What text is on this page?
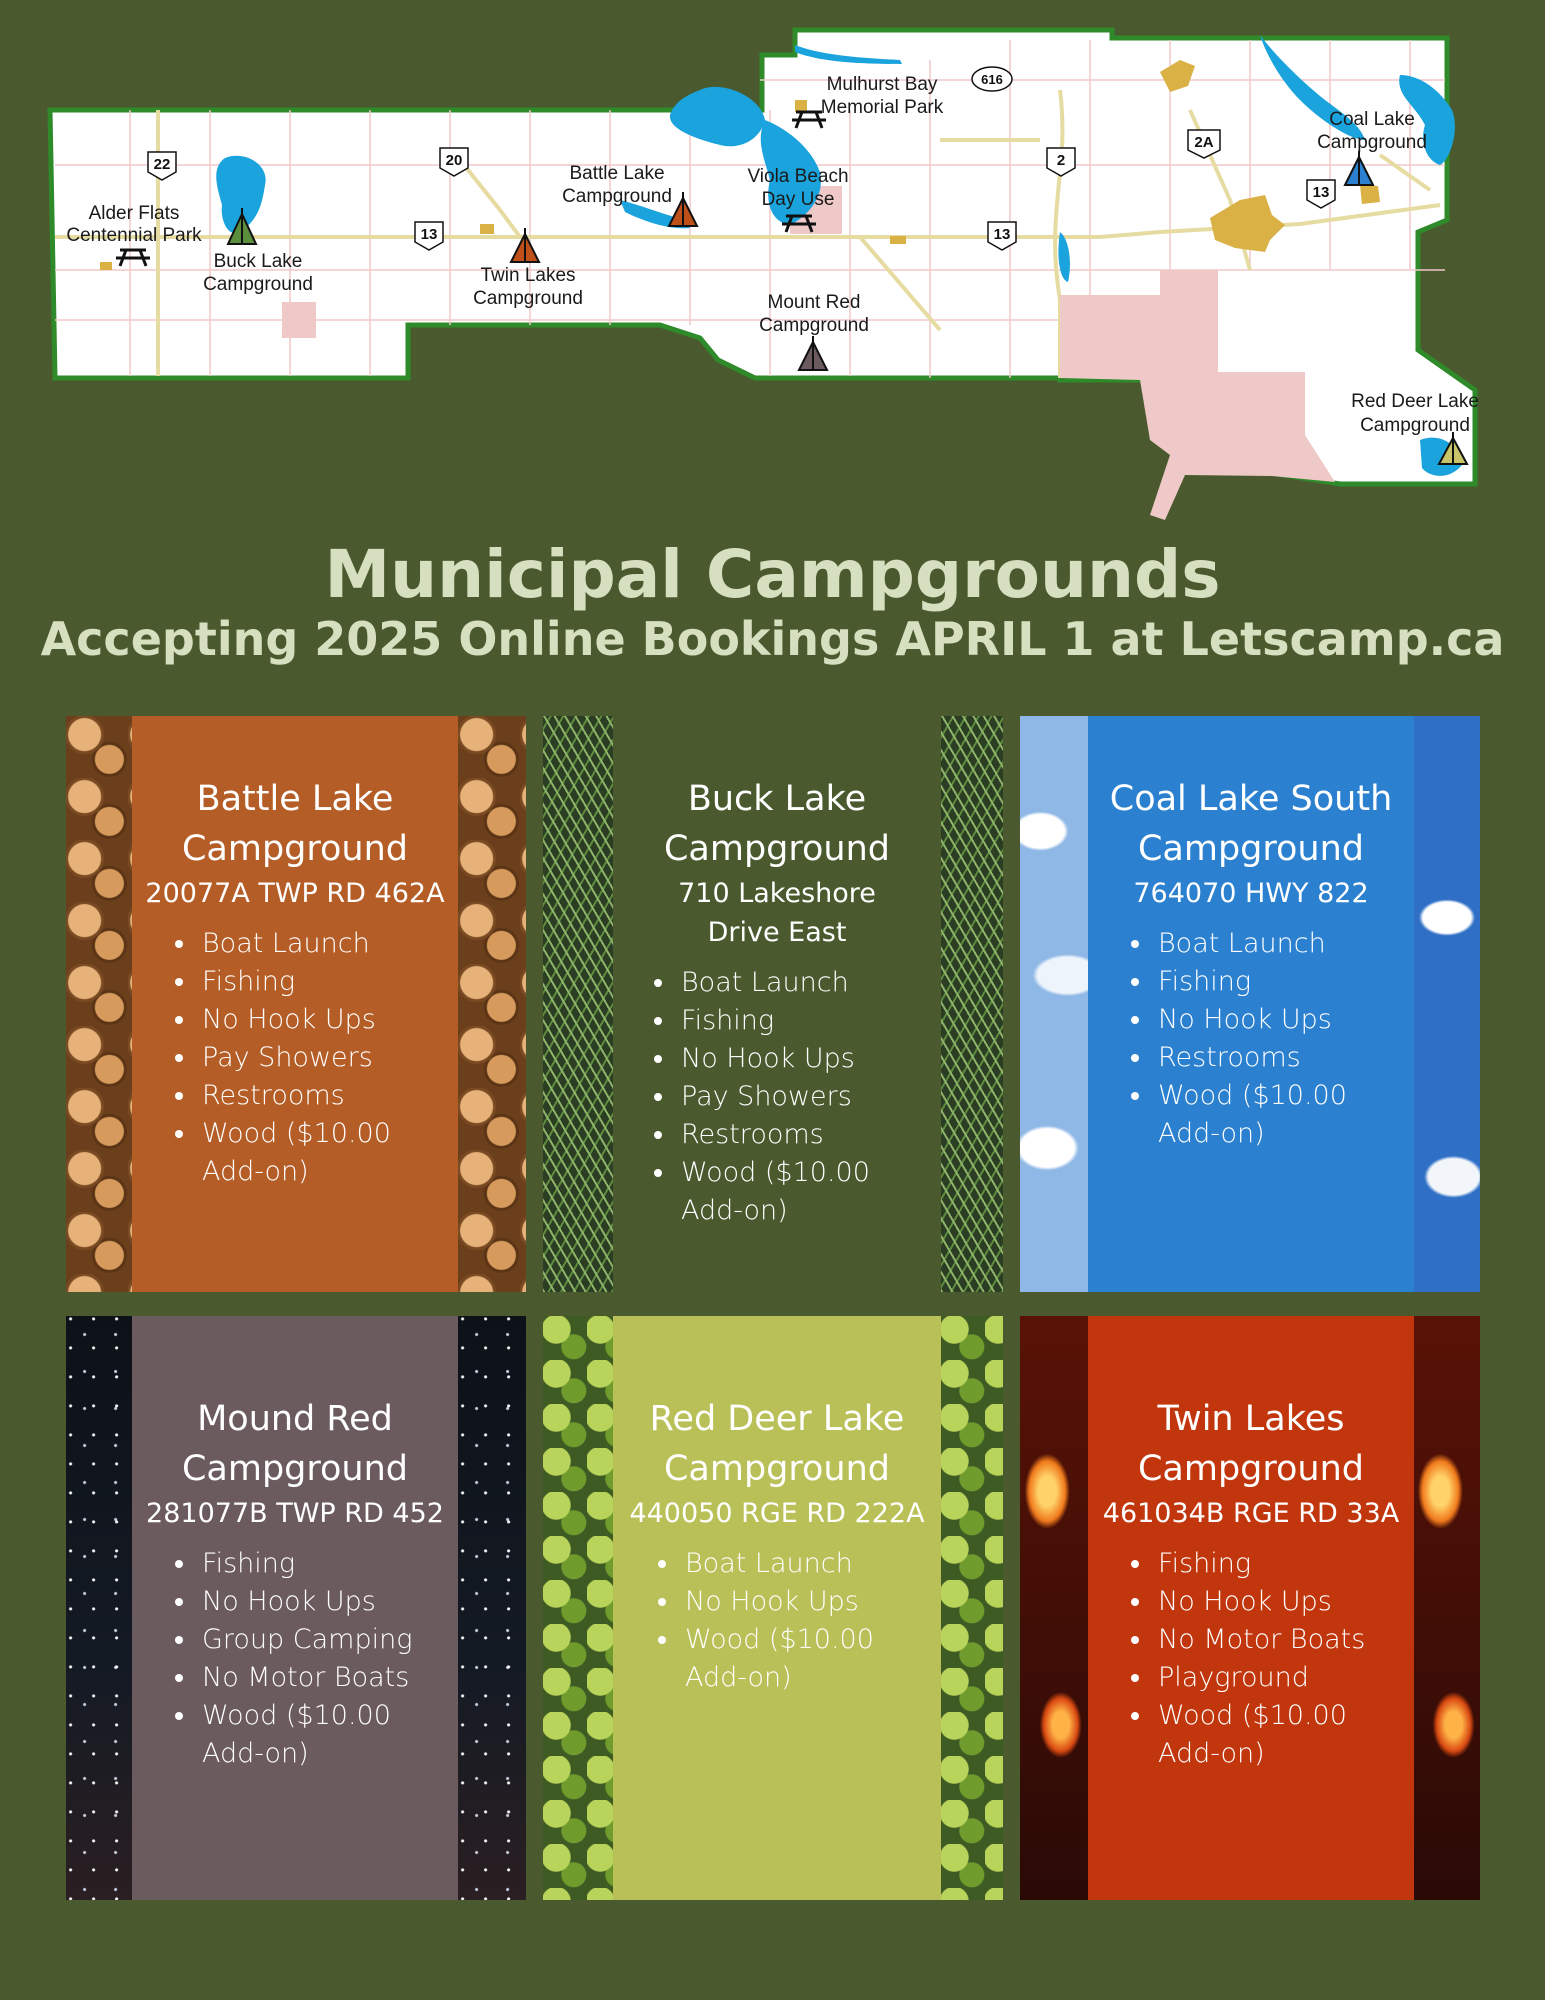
22	20
13	13
2
2A
13
616
Alder Flats
Centennial Park
Buck Lake
Campground	Twin Lakes
Campground
Battle Lake
Campground
Viola Beach
Day Use
Mulhurst Bay
Memorial Park
Mount Red
Campground
Coal Lake
Campground
Red Deer Lake
Campground
Municipal Campgrounds
Accepting 2025 Online Bookings APRIL 1 at Letscamp.ca
Battle Lake
Campground
20077A TWP RD 462A
• Boat Launch
• Fishing
• No Hook Ups
• Pay Showers
• Restrooms
• Wood ($10.00
Add-on)
Buck Lake
Campground
710 Lakeshore
Drive East
• Boat Launch
• Fishing
• No Hook Ups
• Pay Showers
• Restrooms
• Wood ($10.00
Add-on)
Coal Lake South
Campground
764070 HWY 822
• Boat Launch
• Fishing
• No Hook Ups
• Restrooms
• Wood ($10.00
Add-on)
Mound Red
Campground
281077B TWP RD 452
• Fishing
• No Hook Ups
• Group Camping
• No Motor Boats
• Wood ($10.00
Add-on)
Red Deer Lake
Campground
440050 RGE RD 222A
• Boat Launch
• No Hook Ups
• Wood ($10.00
Add-on)
Twin Lakes
Campground
461034B RGE RD 33A
• Fishing
• No Hook Ups
• No Motor Boats
• Playground
• Wood ($10.00
Add-on)
